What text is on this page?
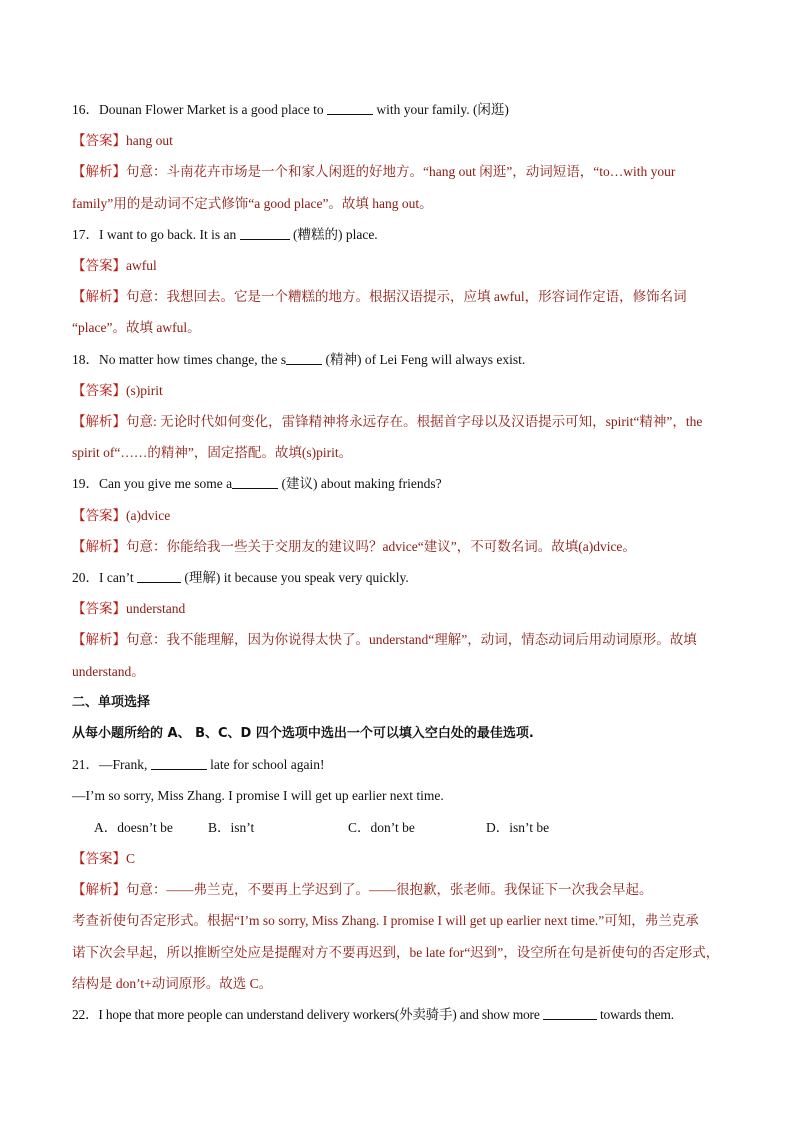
16．Dounan Flower Market is a good place to	with your family. (闲逛)
【答案】hang out
【解析】句意：斗南花卉市场是一个和家人闲逛的好地方。“hang out 闲逛”，动词短语，“to…with your
family”用的是动词不定式修饰“a good place”。故填 hang out。
17．I want to go back. It is an	(糟糕的) place.
【答案】awful
【解析】句意：我想回去。它是一个糟糕的地方。根据汉语提示，应填 awful，形容词作定语，修饰名词
“place”。故填 awful。
18．No matter how times change, the s	(精神) of Lei Feng will always exist.
【答案】(s)pirit
【解析】句意: 无论时代如何变化，雷锋精神将永远存在。根据首字母以及汉语提示可知，spirit“精神”，the
spirit of“……的精神”，固定搭配。故填(s)pirit。
19．Can you give me some a	(建议) about making friends?
【答案】(a)dvice
【解析】句意：你能给我一些关于交朋友的建议吗？advice“建议”，不可数名词。故填(a)dvice。
20．I can’t	(理解) it because you speak very quickly.
【答案】understand
【解析】句意：我不能理解，因为你说得太快了。understand“理解”，动词，情态动词后用动词原形。故填
understand。
二、单项选择
从每小题所给的 A、 B、C、D 四个选项中选出一个可以填入空白处的最佳选项.
21．—Frank,	late for school again!
—I’m so sorry, Miss Zhang. I promise I will get up earlier next time.
A．doesn’t be	B．isn’t	C．don’t be	D．isn’t be
【答案】C
【解析】句意：——弗兰克，不要再上学迟到了。——很抱歉，张老师。我保证下一次我会早起。
考查祈使句否定形式。根据“I’m so sorry, Miss Zhang. I promise I will get up earlier next time.”可知，弗兰克承
诺下次会早起，所以推断空处应是提醒对方不要再迟到，be late for“迟到”，设空所在句是祈使句的否定形式，
结构是 don’t+动词原形。故选 C。
22．I hope that more people can understand delivery workers(外卖骑手) and show more	towards them.
